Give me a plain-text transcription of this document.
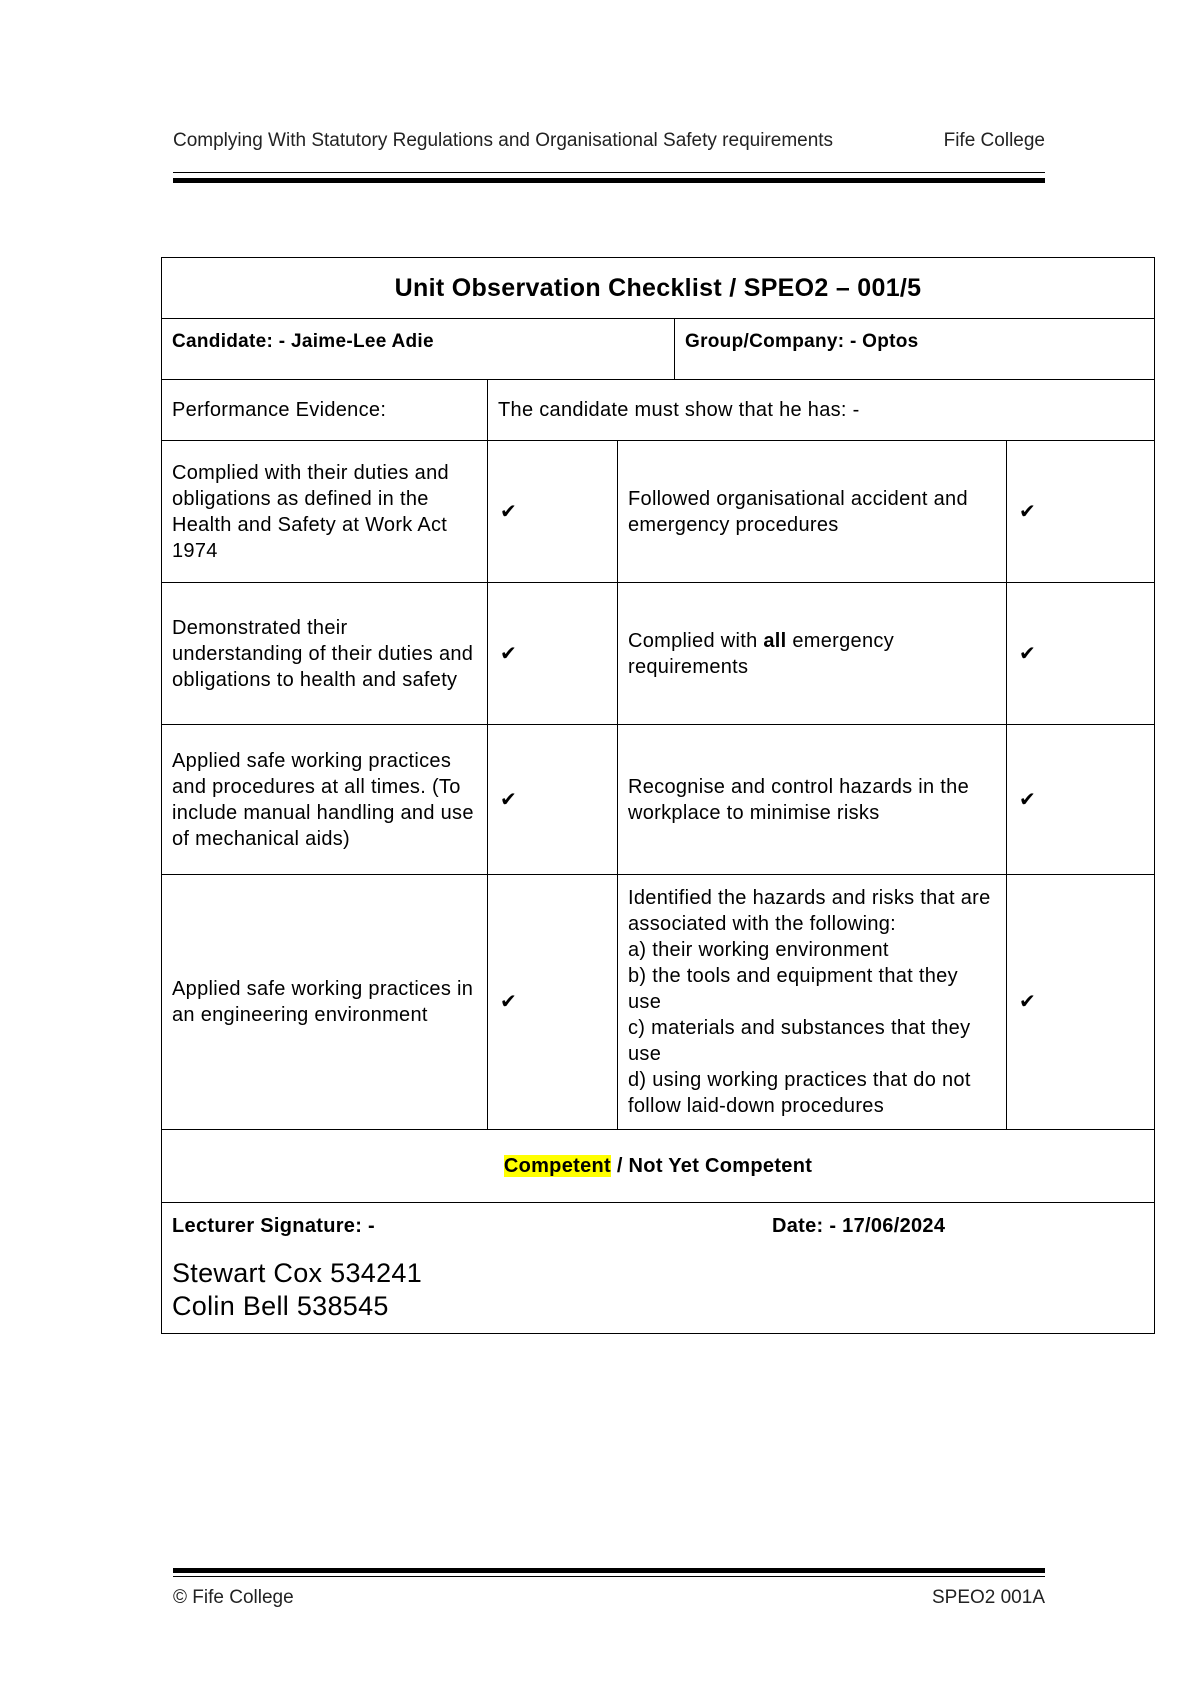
Complying With Statutory Regulations and Organisational Safety requirements	Fife College
Unit Observation Checklist / SPEO2 – 001/5				
Candidate: - Jaime-Lee Adie			Group/Company: - Optos	
Performance Evidence:	The candidate must show that he has: -			
Complied with their duties and obligations as defined in the Health and Safety at Work Act 1974	✔	Followed organisational accident and emergency procedures		✔
Demonstrated their understanding of their duties and obligations to health and safety	✔	Complied with all emergency requirements		✔
Applied safe working practices and procedures at all times. (To include manual handling and use of mechanical aids)	✔	Recognise and control hazards in the workplace to minimise risks		✔
Applied safe working practices in an engineering environment	✔	Identified the hazards and risks that are associated with the following:
a) their working environment
b) the tools and equipment that they use
c) materials and substances that they use
d) using working practices that do not follow laid-down procedures		✔
Competent / Not Yet Competent				

Lecturer Signature: - Date: - 17/06/2024
Stewart Cox 534241
Colin Bell 538545				
© Fife College	SPEO2 001A
